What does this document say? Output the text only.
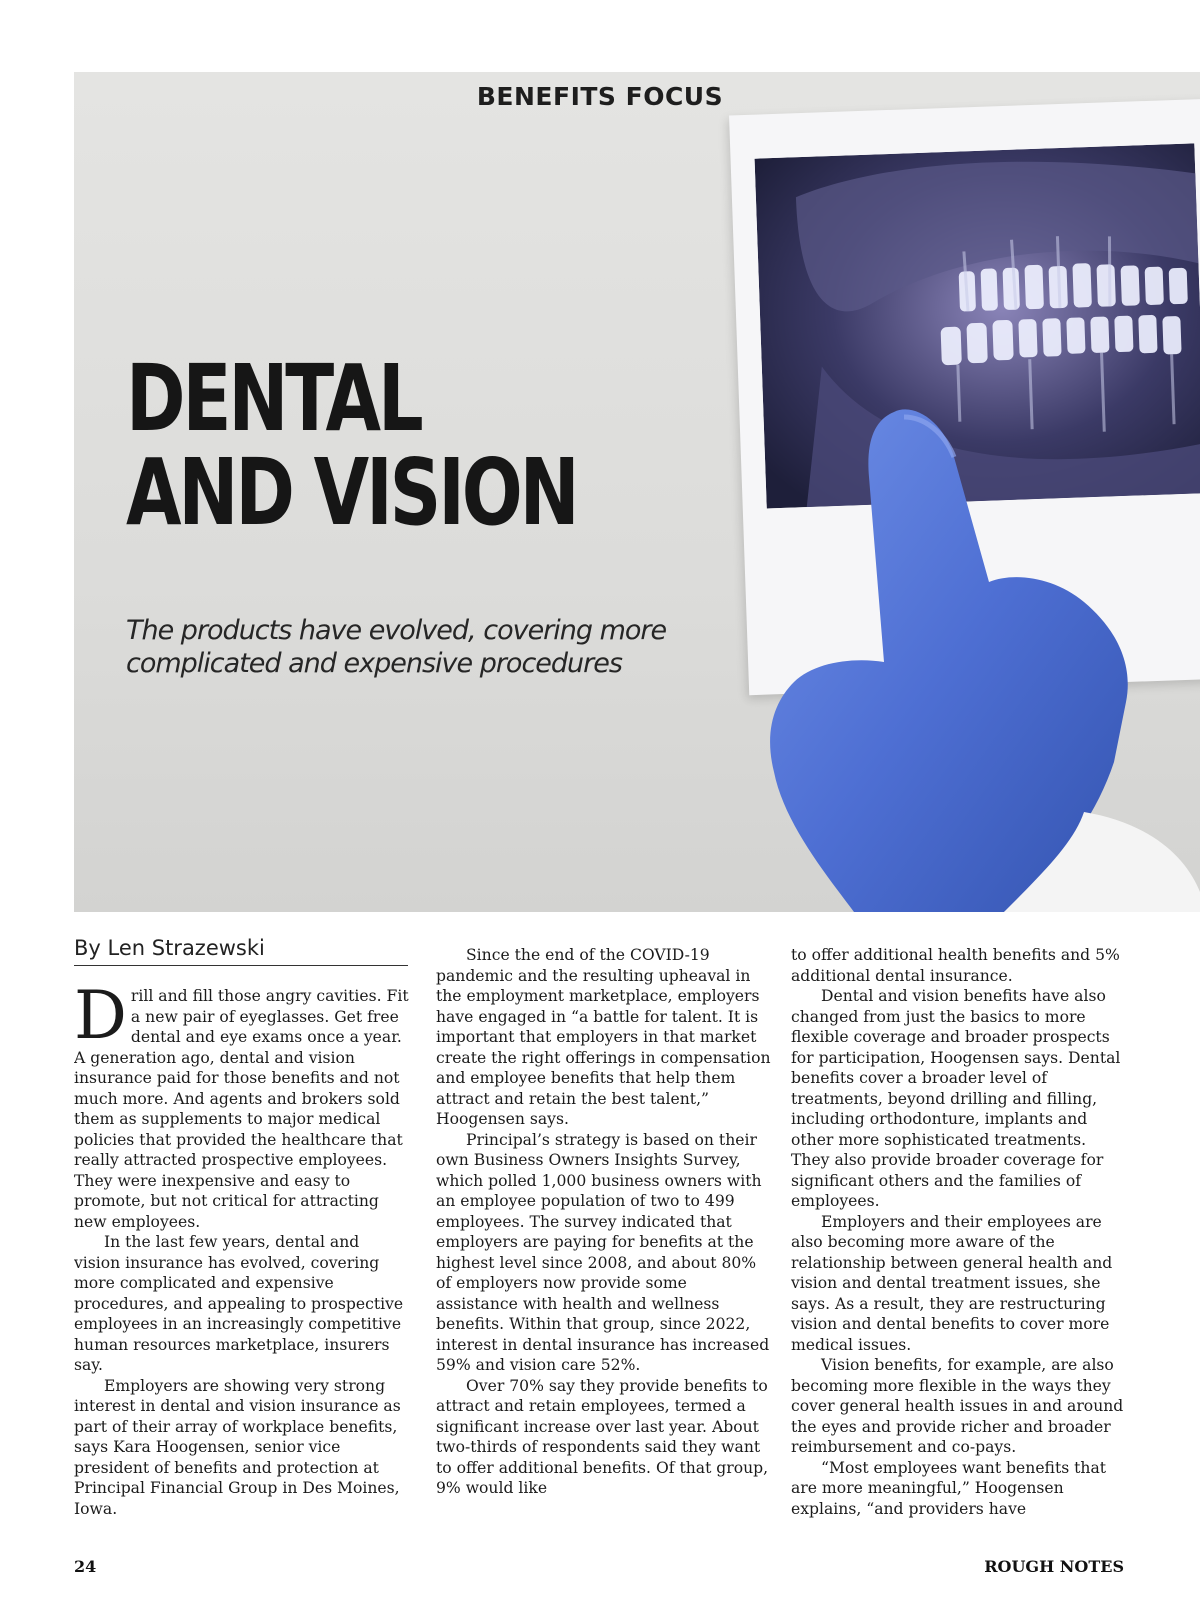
BENEFITS FOCUS
DENTAL
AND VISION

The products have evolved, covering more complicated and expensive procedures

By Len Strazewski

Drill and fill those angry cavities. Fit a new pair of eyeglasses. Get free dental and eye exams once a year. A generation ago, dental and vision insurance paid for those benefits and not much more. And agents and brokers sold them as supplements to major medical policies that provided the healthcare that really attracted prospective employees. They were inexpensive and easy to promote, but not critical for attracting new employees.

In the last few years, dental and vision insurance has evolved, covering more complicated and expensive procedures, and appealing to prospective employees in an increasingly competitive human resources marketplace, insurers say.

Employers are showing very strong interest in dental and vision insurance as part of their array of workplace benefits, says Kara Hoogensen, senior vice president of benefits and protection at Principal Financial Group in Des Moines, Iowa.

Since the end of the COVID-19 pandemic and the resulting upheaval in the employment marketplace, employers have engaged in “a battle for talent. It is important that employers in that market create the right offerings in compensation and employee benefits that help them attract and retain the best talent,” Hoogensen says.

Principal’s strategy is based on their own Business Owners Insights Survey, which polled 1,000 business owners with an employee population of two to 499 employees. The survey indicated that employers are paying for benefits at the highest level since 2008, and about 80% of employers now provide some assistance with health and wellness benefits. Within that group, since 2022, interest in dental insurance has increased 59% and vision care 52%.

Over 70% say they provide benefits to attract and retain employees, termed a significant increase over last year. About two-thirds of respondents said they want to offer additional benefits. Of that group, 9% would like

to offer additional health benefits and 5% additional dental insurance.

Dental and vision benefits have also changed from just the basics to more flexible coverage and broader prospects for participation, Hoogensen says. Dental benefits cover a broader level of treatments, beyond drilling and filling, including orthodonture, implants and other more sophisticated treatments. They also provide broader coverage for significant others and the families of employees.

Employers and their employees are also becoming more aware of the relationship between general health and vision and dental treatment issues, she says. As a result, they are restructuring vision and dental benefits to cover more medical issues.

Vision benefits, for example, are also becoming more flexible in the ways they cover general health issues in and around the eyes and provide richer and broader reimbursement and co-pays.

“Most employees want benefits that are more meaningful,” Hoogensen explains, “and providers have

24	ROUGH NOTES
